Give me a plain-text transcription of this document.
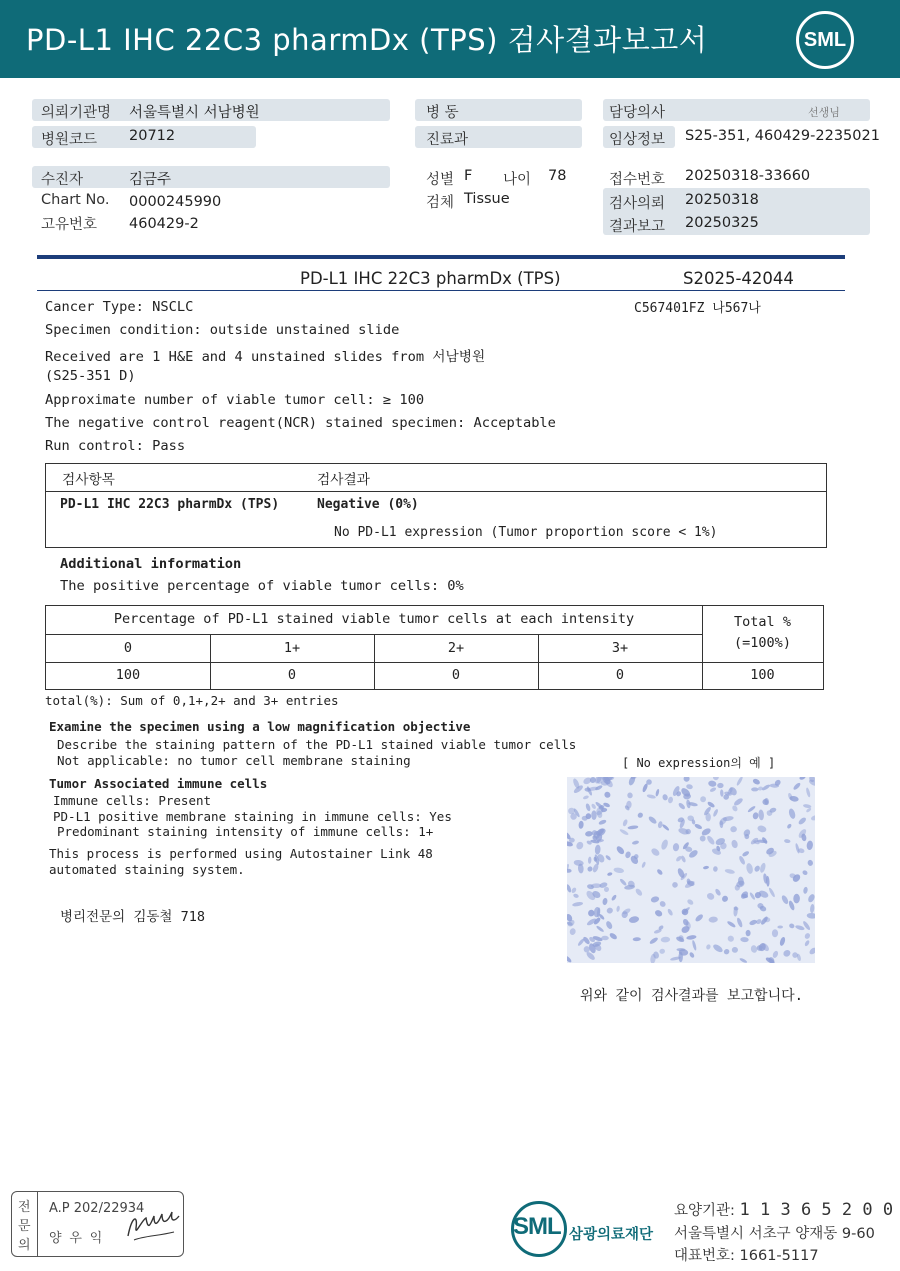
PD-L1 IHC 22C3 pharmDx (TPS) 검사결과보고서	SML
의뢰기관명 서울특별시 서남병원
병원코드 20712
병 동
진료과
담당의사	선생님
임상정보 S25-351, 460429-2235021
수진자	김금주
Chart No. 0000245990
고유번호 460429-2
성별 F 나이 78
검체 Tissue
접수번호 20250318-33660
검사의뢰 20250318
결과보고 20250325
PD-L1 IHC 22C3 pharmDx (TPS)	S2025-42044
C567401FZ 나567나
Cancer Type: NSCLC
Specimen condition: outside unstained slide
Received are 1 H&E and 4 unstained slides from 서남병원
(S25-351 D)
Approximate number of viable tumor cell: ≥ 100
The negative control reagent(NCR) stained specimen: Acceptable
Run control: Pass
검사항목	검사결과
PD-L1 IHC 22C3 pharmDx (TPS)	Negative (0%)
No PD-L1 expression (Tumor proportion score < 1%)
Additional information
The positive percentage of viable tumor cells: 0%
Percentage of PD-L1 stained viable tumor cells at each intensity	Total %
(=100%)
0	1+	2+	3+
100	0	0	0	100
total(%): Sum of 0,1+,2+ and 3+ entries
Examine the specimen using a low magnification objective
Describe the staining pattern of the PD-L1 stained viable tumor cells
Not applicable: no tumor cell membrane staining	[ No expression의 예 ]
Tumor Associated immune cells
Immune cells: Present
PD-L1 positive membrane staining in immune cells: Yes
Predominant staining intensity of immune cells: 1+
This process is performed using Autostainer Link 48
automated staining system.
병리전문의 김동철 718
위와 같이 검사결과를 보고합니다.
전
문
의
A.P 202/22934
양 우 익	SML 삼광의료재단
요양기관: 1 1 3 6 5 2 0 0
서울특별시 서초구 양재동 9-60
대표번호: 1661-5117
